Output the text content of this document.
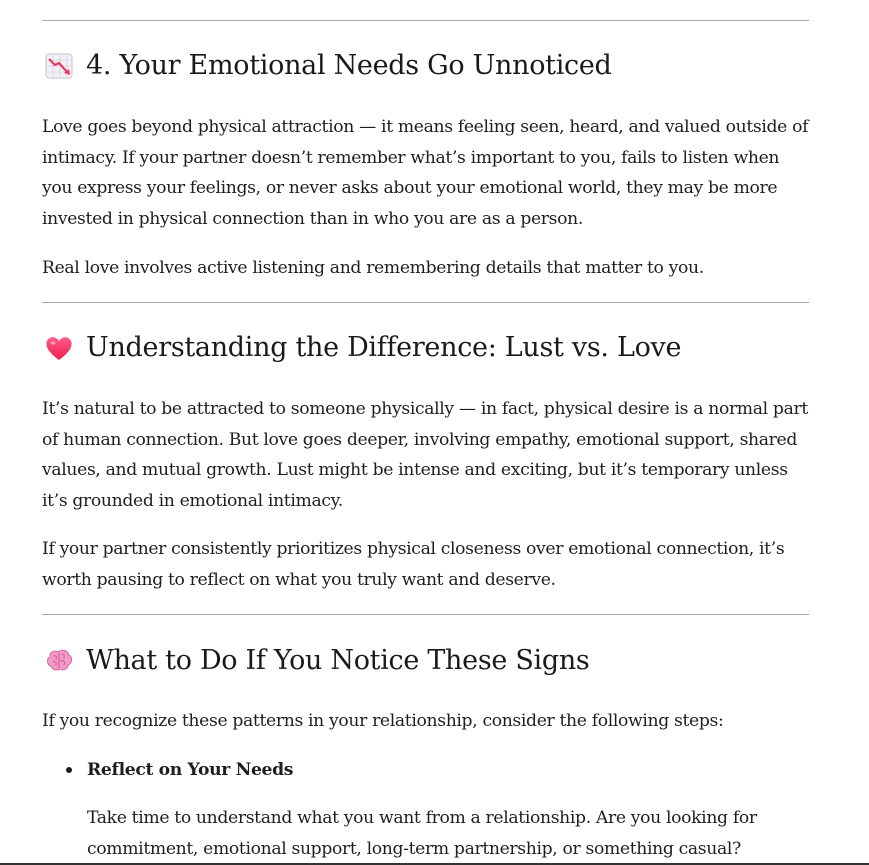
4. Your Emotional Needs Go Unnoticed

Love goes beyond physical attraction — it means feeling seen, heard, and valued outside of intimacy. If your partner doesn’t remember what’s important to you, fails to listen when you express your feelings, or never asks about your emotional world, they may be more invested in physical connection than in who you are as a person.

Real love involves active listening and remembering details that matter to you.

Understanding the Difference: Lust vs. Love

It’s natural to be attracted to someone physically — in fact, physical desire is a normal part of human connection. But love goes deeper, involving empathy, emotional support, shared values, and mutual growth. Lust might be intense and exciting, but it’s temporary unless it’s grounded in emotional intimacy.

If your partner consistently prioritizes physical closeness over emotional connection, it’s worth pausing to reflect on what you truly want and deserve.

What to Do If You Notice These Signs

If you recognize these patterns in your relationship, consider the following steps:

Reflect on Your Needs

Take time to understand what you want from a relationship. Are you looking for commitment, emotional support, long-term partnership, or something casual?
